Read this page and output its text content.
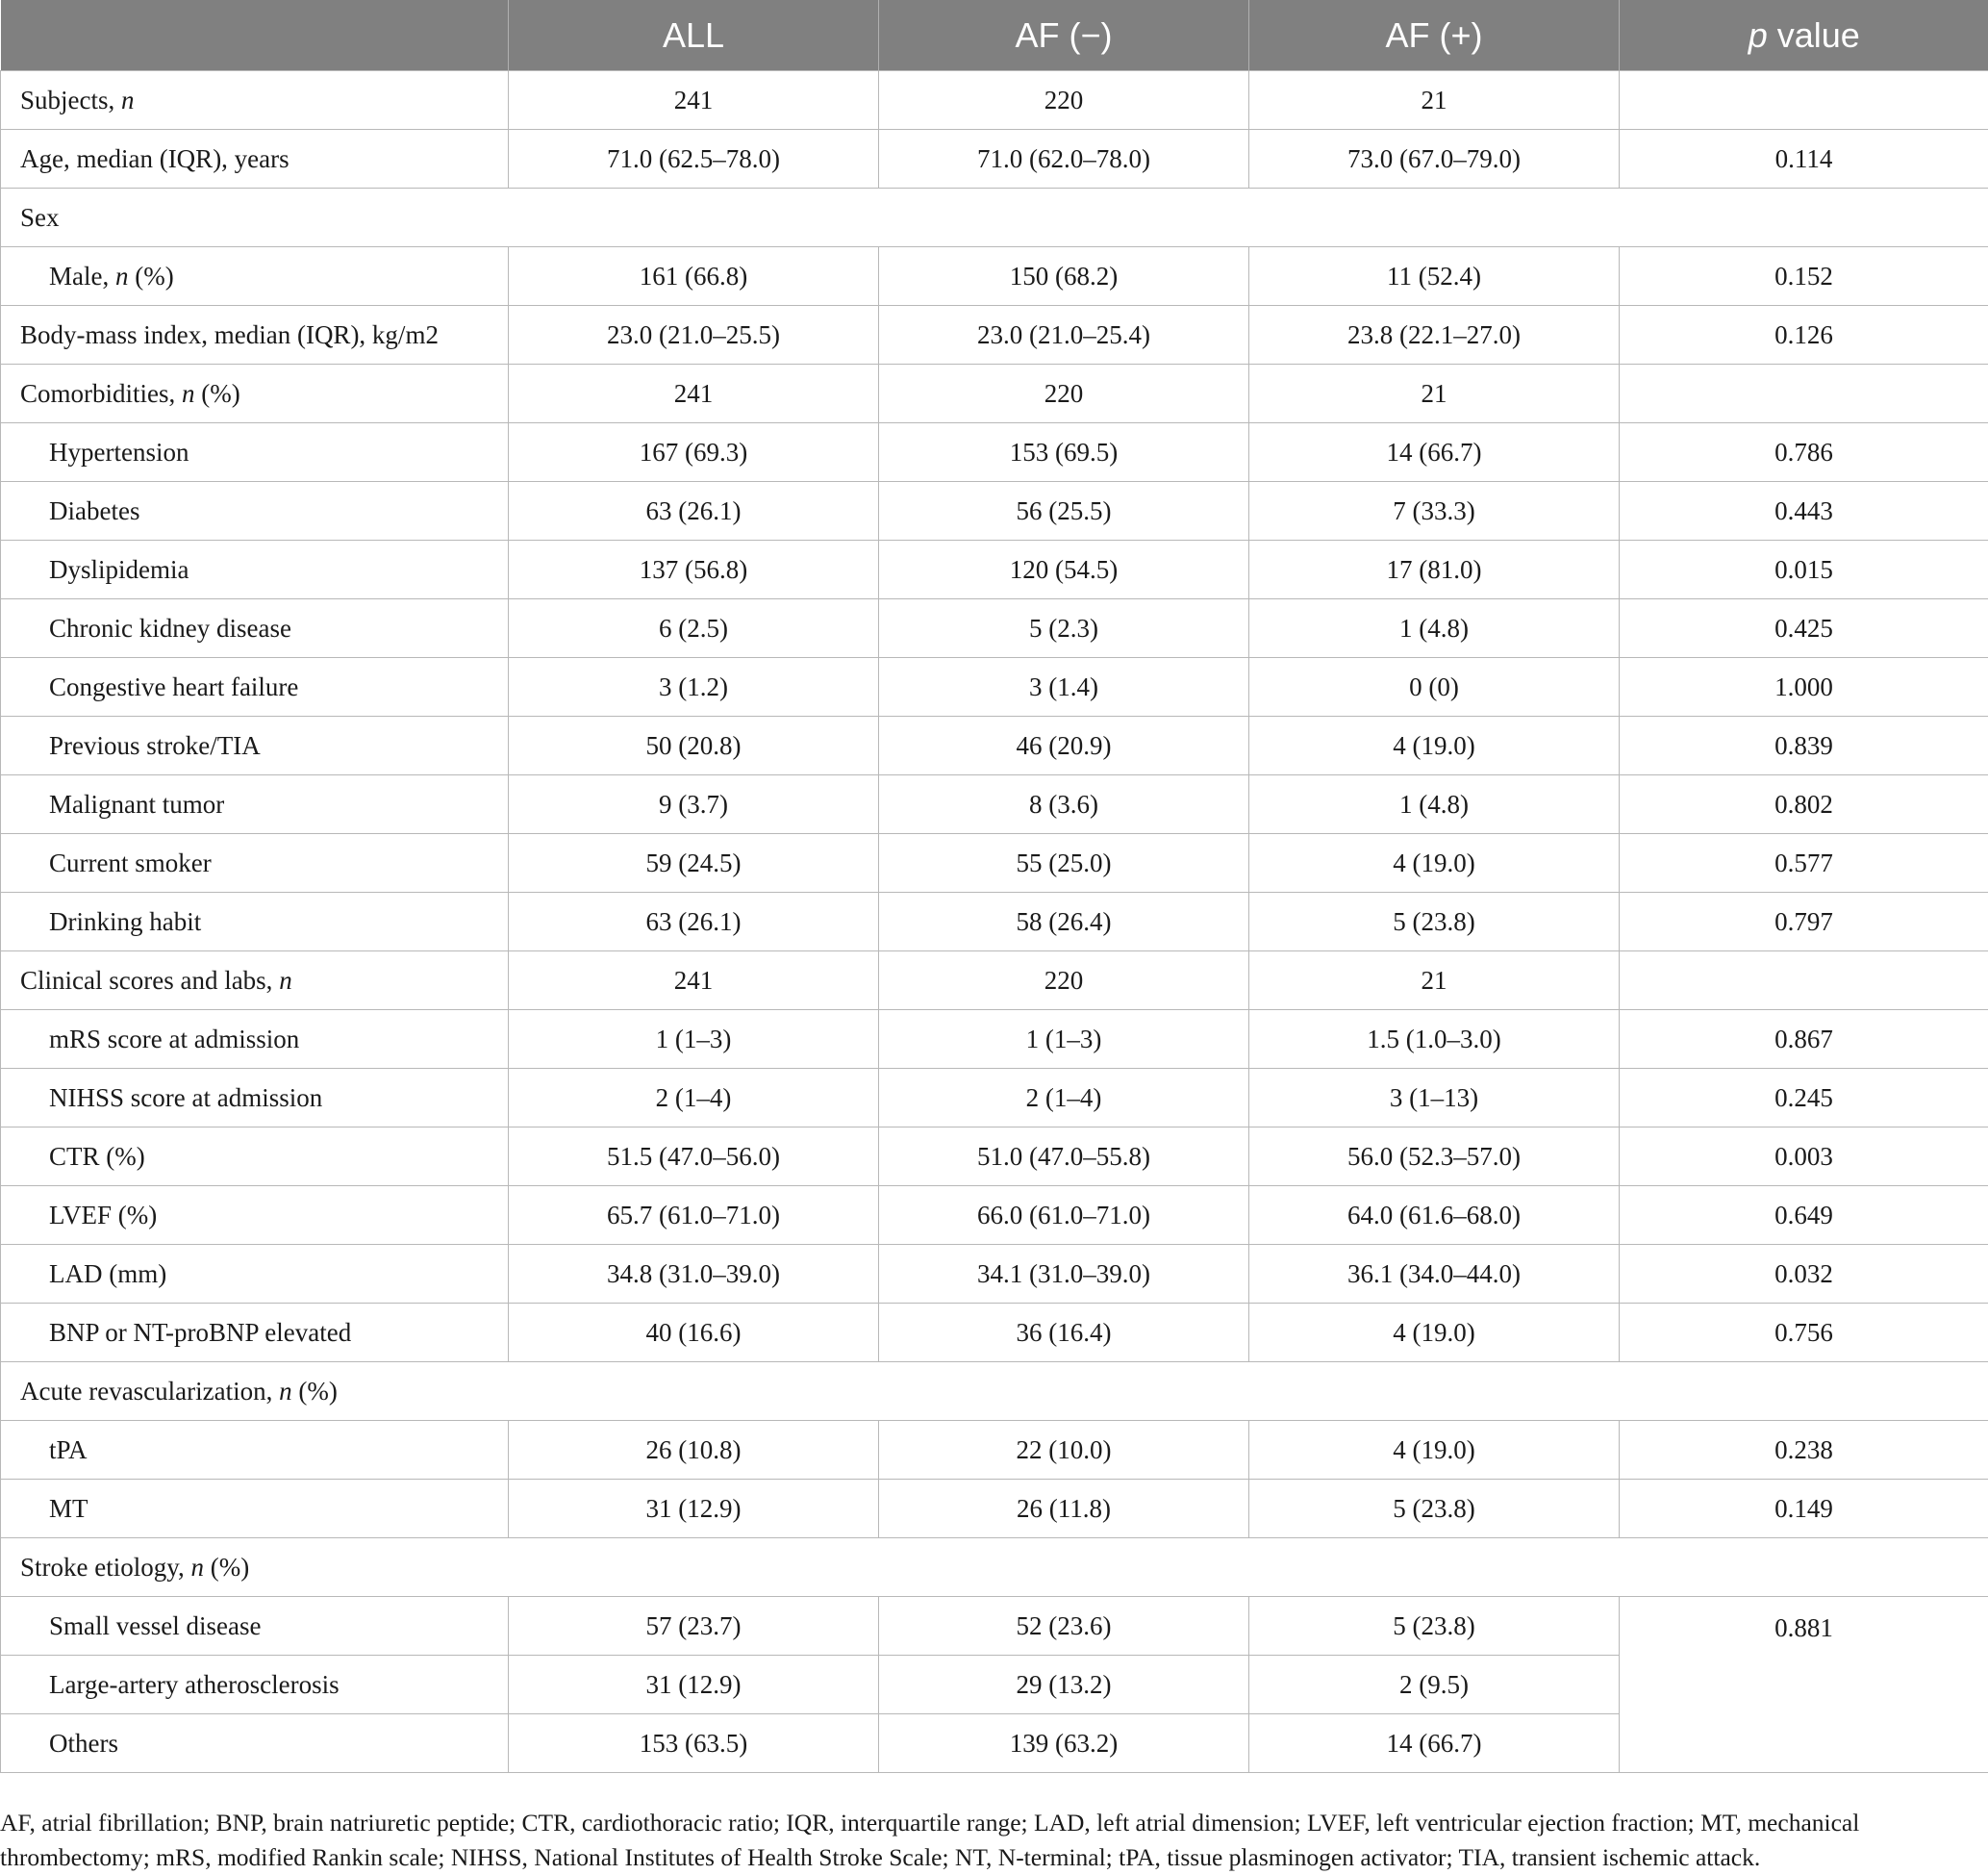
	ALL	AF (−)	AF (+)	p value
Subjects, n	241	220	21	
Age, median (IQR), years	71.0 (62.5–78.0)	71.0 (62.0–78.0)	73.0 (67.0–79.0)	0.114
Sex				
Male, n (%)	161 (66.8)	150 (68.2)	11 (52.4)	0.152
Body-mass index, median (IQR), kg/m2	23.0 (21.0–25.5)	23.0 (21.0–25.4)	23.8 (22.1–27.0)	0.126
Comorbidities, n (%)	241	220	21	
Hypertension	167 (69.3)	153 (69.5)	14 (66.7)	0.786
Diabetes	63 (26.1)	56 (25.5)	7 (33.3)	0.443
Dyslipidemia	137 (56.8)	120 (54.5)	17 (81.0)	0.015
Chronic kidney disease	6 (2.5)	5 (2.3)	1 (4.8)	0.425
Congestive heart failure	3 (1.2)	3 (1.4)	0 (0)	1.000
Previous stroke/TIA	50 (20.8)	46 (20.9)	4 (19.0)	0.839
Malignant tumor	9 (3.7)	8 (3.6)	1 (4.8)	0.802
Current smoker	59 (24.5)	55 (25.0)	4 (19.0)	0.577
Drinking habit	63 (26.1)	58 (26.4)	5 (23.8)	0.797
Clinical scores and labs, n	241	220	21	
mRS score at admission	1 (1–3)	1 (1–3)	1.5 (1.0–3.0)	0.867
NIHSS score at admission	2 (1–4)	2 (1–4)	3 (1–13)	0.245
CTR (%)	51.5 (47.0–56.0)	51.0 (47.0–55.8)	56.0 (52.3–57.0)	0.003
LVEF (%)	65.7 (61.0–71.0)	66.0 (61.0–71.0)	64.0 (61.6–68.0)	0.649
LAD (mm)	34.8 (31.0–39.0)	34.1 (31.0–39.0)	36.1 (34.0–44.0)	0.032
BNP or NT-proBNP elevated	40 (16.6)	36 (16.4)	4 (19.0)	0.756
Acute revascularization, n (%)				
tPA	26 (10.8)	22 (10.0)	4 (19.0)	0.238
MT	31 (12.9)	26 (11.8)	5 (23.8)	0.149
Stroke etiology, n (%)				
Small vessel disease	57 (23.7)	52 (23.6)	5 (23.8)	0.881
Large-artery atherosclerosis	31 (12.9)	29 (13.2)	2 (9.5)	
Others	153 (63.5)	139 (63.2)	14 (66.7)	
AF, atrial fibrillation; BNP, brain natriuretic peptide; CTR, cardiothoracic ratio; IQR, interquartile range; LAD, left atrial dimension; LVEF, left ventricular ejection fraction; MT, mechanical thrombectomy; mRS, modified Rankin scale; NIHSS, National Institutes of Health Stroke Scale; NT, N-terminal; tPA, tissue plasminogen activator; TIA, transient ischemic attack.
